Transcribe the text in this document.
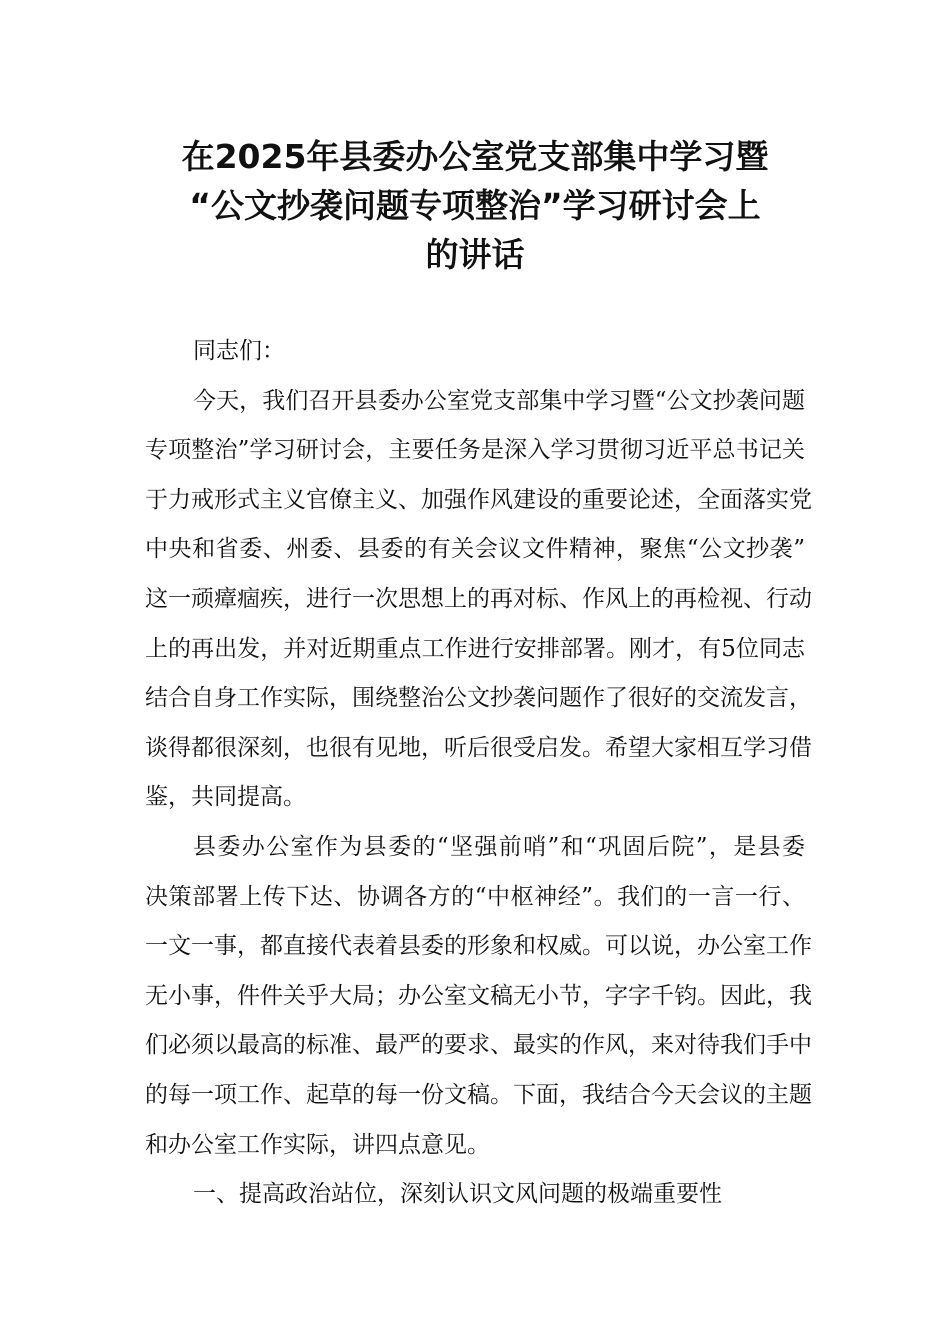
在2025年县委办公室党支部集中学习暨
“公文抄袭问题专项整治”学习研讨会上
的讲话
同志们：
今天，我们召开县委办公室党支部集中学习暨“公文抄袭问题
专项整治”学习研讨会，主要任务是深入学习贯彻习近平总书记关
于力戒形式主义官僚主义、加强作风建设的重要论述，全面落实党
中央和省委、州委、县委的有关会议文件精神，聚焦“公文抄袭”
这一顽瘴痼疾，进行一次思想上的再对标、作风上的再检视、行动
上的再出发，并对近期重点工作进行安排部署。刚才，有5位同志
结合自身工作实际，围绕整治公文抄袭问题作了很好的交流发言，
谈得都很深刻，也很有见地，听后很受启发。希望大家相互学习借
鉴，共同提高。
县委办公室作为县委的“坚强前哨”和“巩固后院”，是县委
决策部署上传下达、协调各方的“中枢神经”。我们的一言一行、
一文一事，都直接代表着县委的形象和权威。可以说，办公室工作
无小事，件件关乎大局；办公室文稿无小节，字字千钧。因此，我
们必须以最高的标准、最严的要求、最实的作风，来对待我们手中
的每一项工作、起草的每一份文稿。下面，我结合今天会议的主题
和办公室工作实际，讲四点意见。
一、提高政治站位，深刻认识文风问题的极端重要性
